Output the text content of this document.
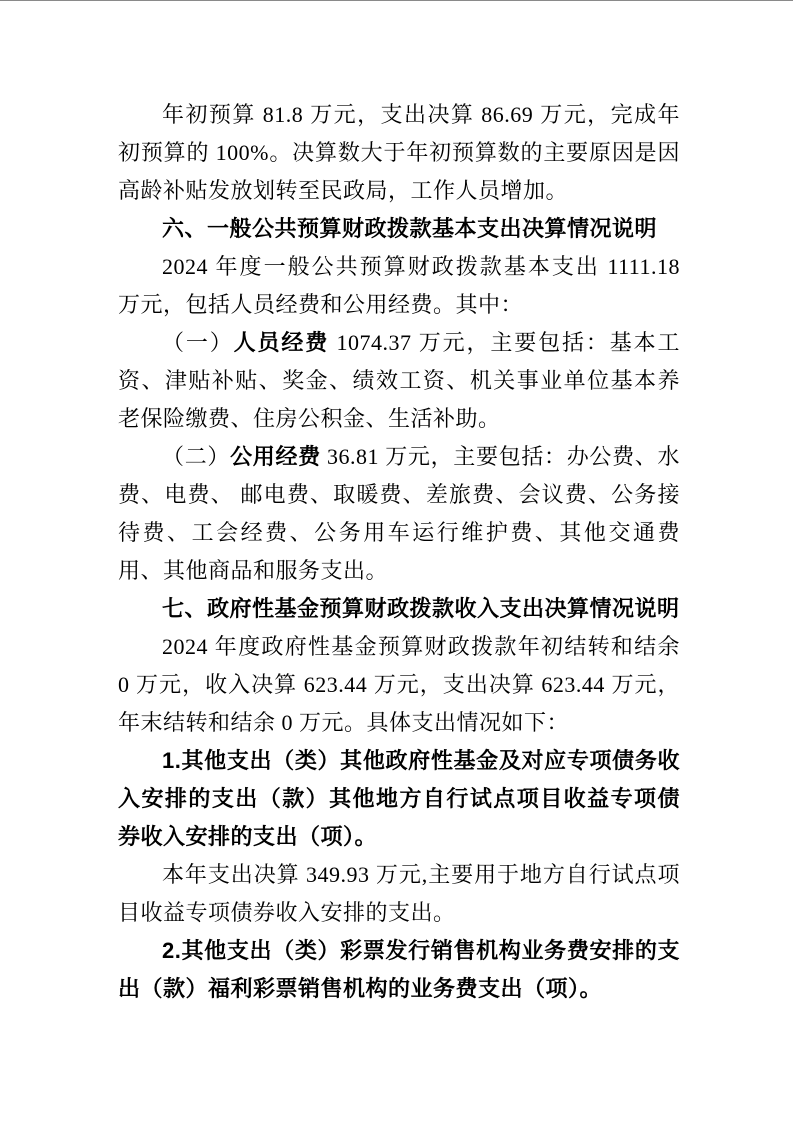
年初预算 81.8 万元，支出决算 86.69 万元，完成年初预算的 100%。决算数大于年初预算数的主要原因是因高龄补贴发放划转至民政局，工作人员增加。

六、一般公共预算财政拨款基本支出决算情况说明

2024 年度一般公共预算财政拨款基本支出 1111.18 万元，包括人员经费和公用经费。其中：

（一）人员经费 1074.37 万元，主要包括：基本工资、津贴补贴、奖金、绩效工资、机关事业单位基本养老保险缴费、住房公积金、生活补助。

（二）公用经费 36.81 万元，主要包括：办公费、水费、电费、 邮电费、取暖费、差旅费、会议费、公务接待费、工会经费、公务用车运行维护费、其他交通费用、其他商品和服务支出。

七、政府性基金预算财政拨款收入支出决算情况说明

2024 年度政府性基金预算财政拨款年初结转和结余 0 万元，收入决算 623.44 万元，支出决算 623.44 万元，年末结转和结余 0 万元。具体支出情况如下：

1.其他支出（类）其他政府性基金及对应专项债务收入安排的支出（款）其他地方自行试点项目收益专项债券收入安排的支出（项）。

本年支出决算 349.93 万元,主要用于地方自行试点项目收益专项债券收入安排的支出。

2.其他支出（类）彩票发行销售机构业务费安排的支出（款）福利彩票销售机构的业务费支出（项）。
